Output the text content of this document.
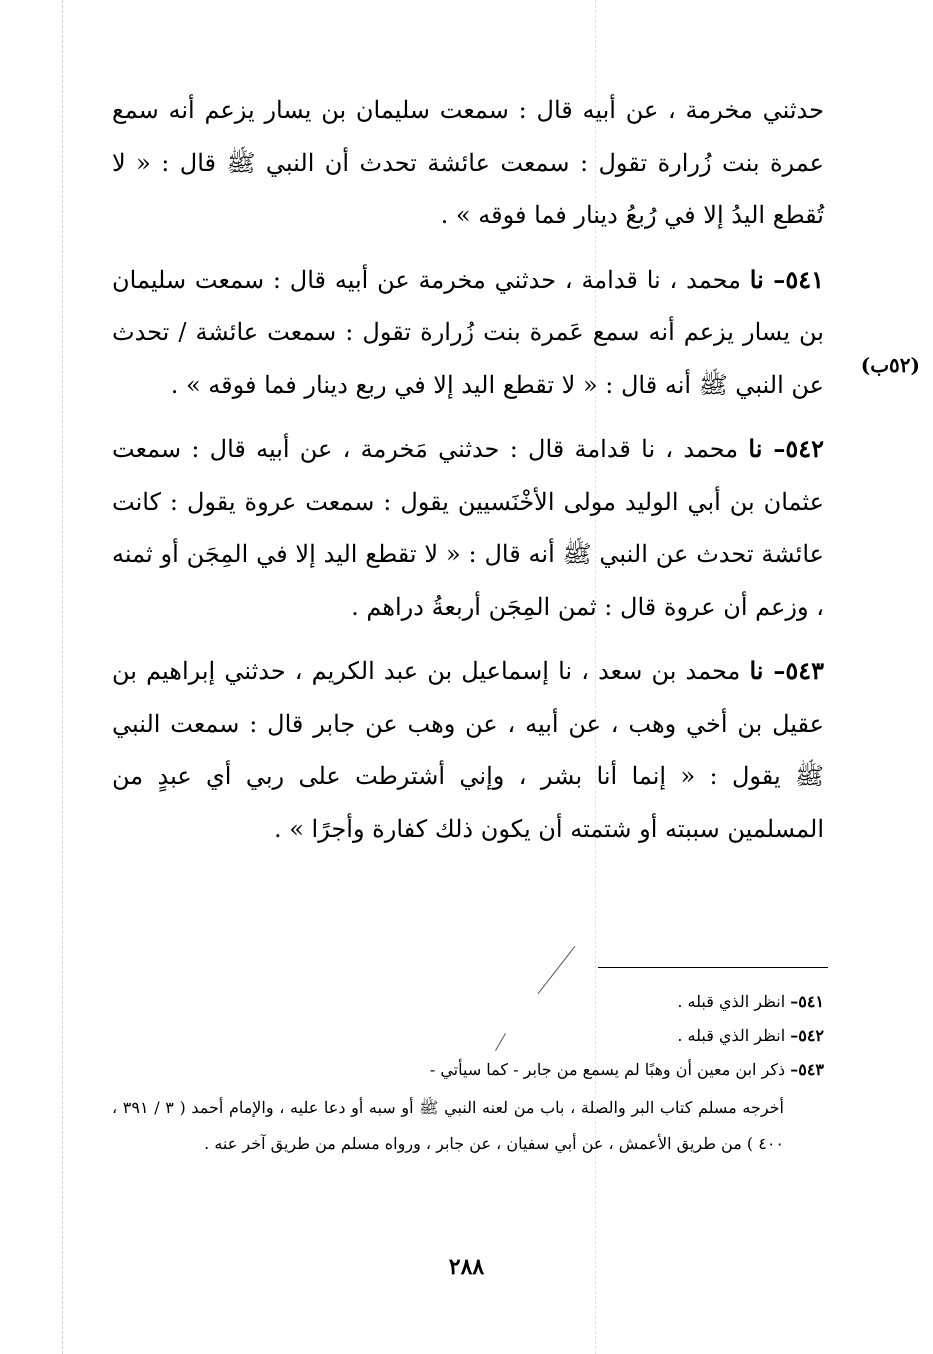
حدثني مخرمة ، عن أبيه قال : سمعت سليمان بن يسار يزعم أنه سمع عمرة بنت زُرارة تقول : سمعت عائشة تحدث أن النبي ﷺ قال : « لا تُقطع اليدُ إلا في رُبعُ دينار فما فوقه » .

٥٤١– نا محمد ، نا قدامة ، حدثني مخرمة عن أبيه قال : سمعت سليمان بن يسار يزعم أنه سمع عَمرة بنت زُرارة تقول : سمعت عائشة / تحدث عن النبي ﷺ أنه قال : « لا تقطع اليد إلا في ربع دينار فما فوقه » .

٥٤٢– نا محمد ، نا قدامة قال : حدثني مَخرمة ، عن أبيه قال : سمعت عثمان بن أبي الوليد مولى الأخْنَسيين يقول : سمعت عروة يقول : كانت عائشة تحدث عن النبي ﷺ أنه قال : « لا تقطع اليد إلا في المِجَن أو ثمنه ، وزعم أن عروة قال : ثمن المِجَن أربعةُ دراهم .

٥٤٣– نا محمد بن سعد ، نا إسماعيل بن عبد الكريم ، حدثني إبراهيم بن عقيل بن أخي وهب ، عن أبيه ، عن وهب عن جابر قال : سمعت النبي ﷺ يقول : « إنما أنا بشر ، وإني أشترطت على ربي أي عبدٍ من المسلمين سببته أو شتمته أن يكون ذلك كفارة وأجرًا » .

(٥٢ب)

٥٤١– انظر الذي قبله .

٥٤٢– انظر الذي قبله .

٥٤٣– ذكر ابن معين أن وهبًا لم يسمع من جابر - كما سيأتي -

أخرجه مسلم كتاب البر والصلة ، باب من لعنه النبي ﷺ أو سبه أو دعا عليه ، والإمام أحمد ( ٣ / ٣٩١ ، ٤٠٠ ) من طريق الأعمش ، عن أبي سفيان ، عن جابر ، ورواه مسلم من طريق آخر عنه .

٢٨٨
